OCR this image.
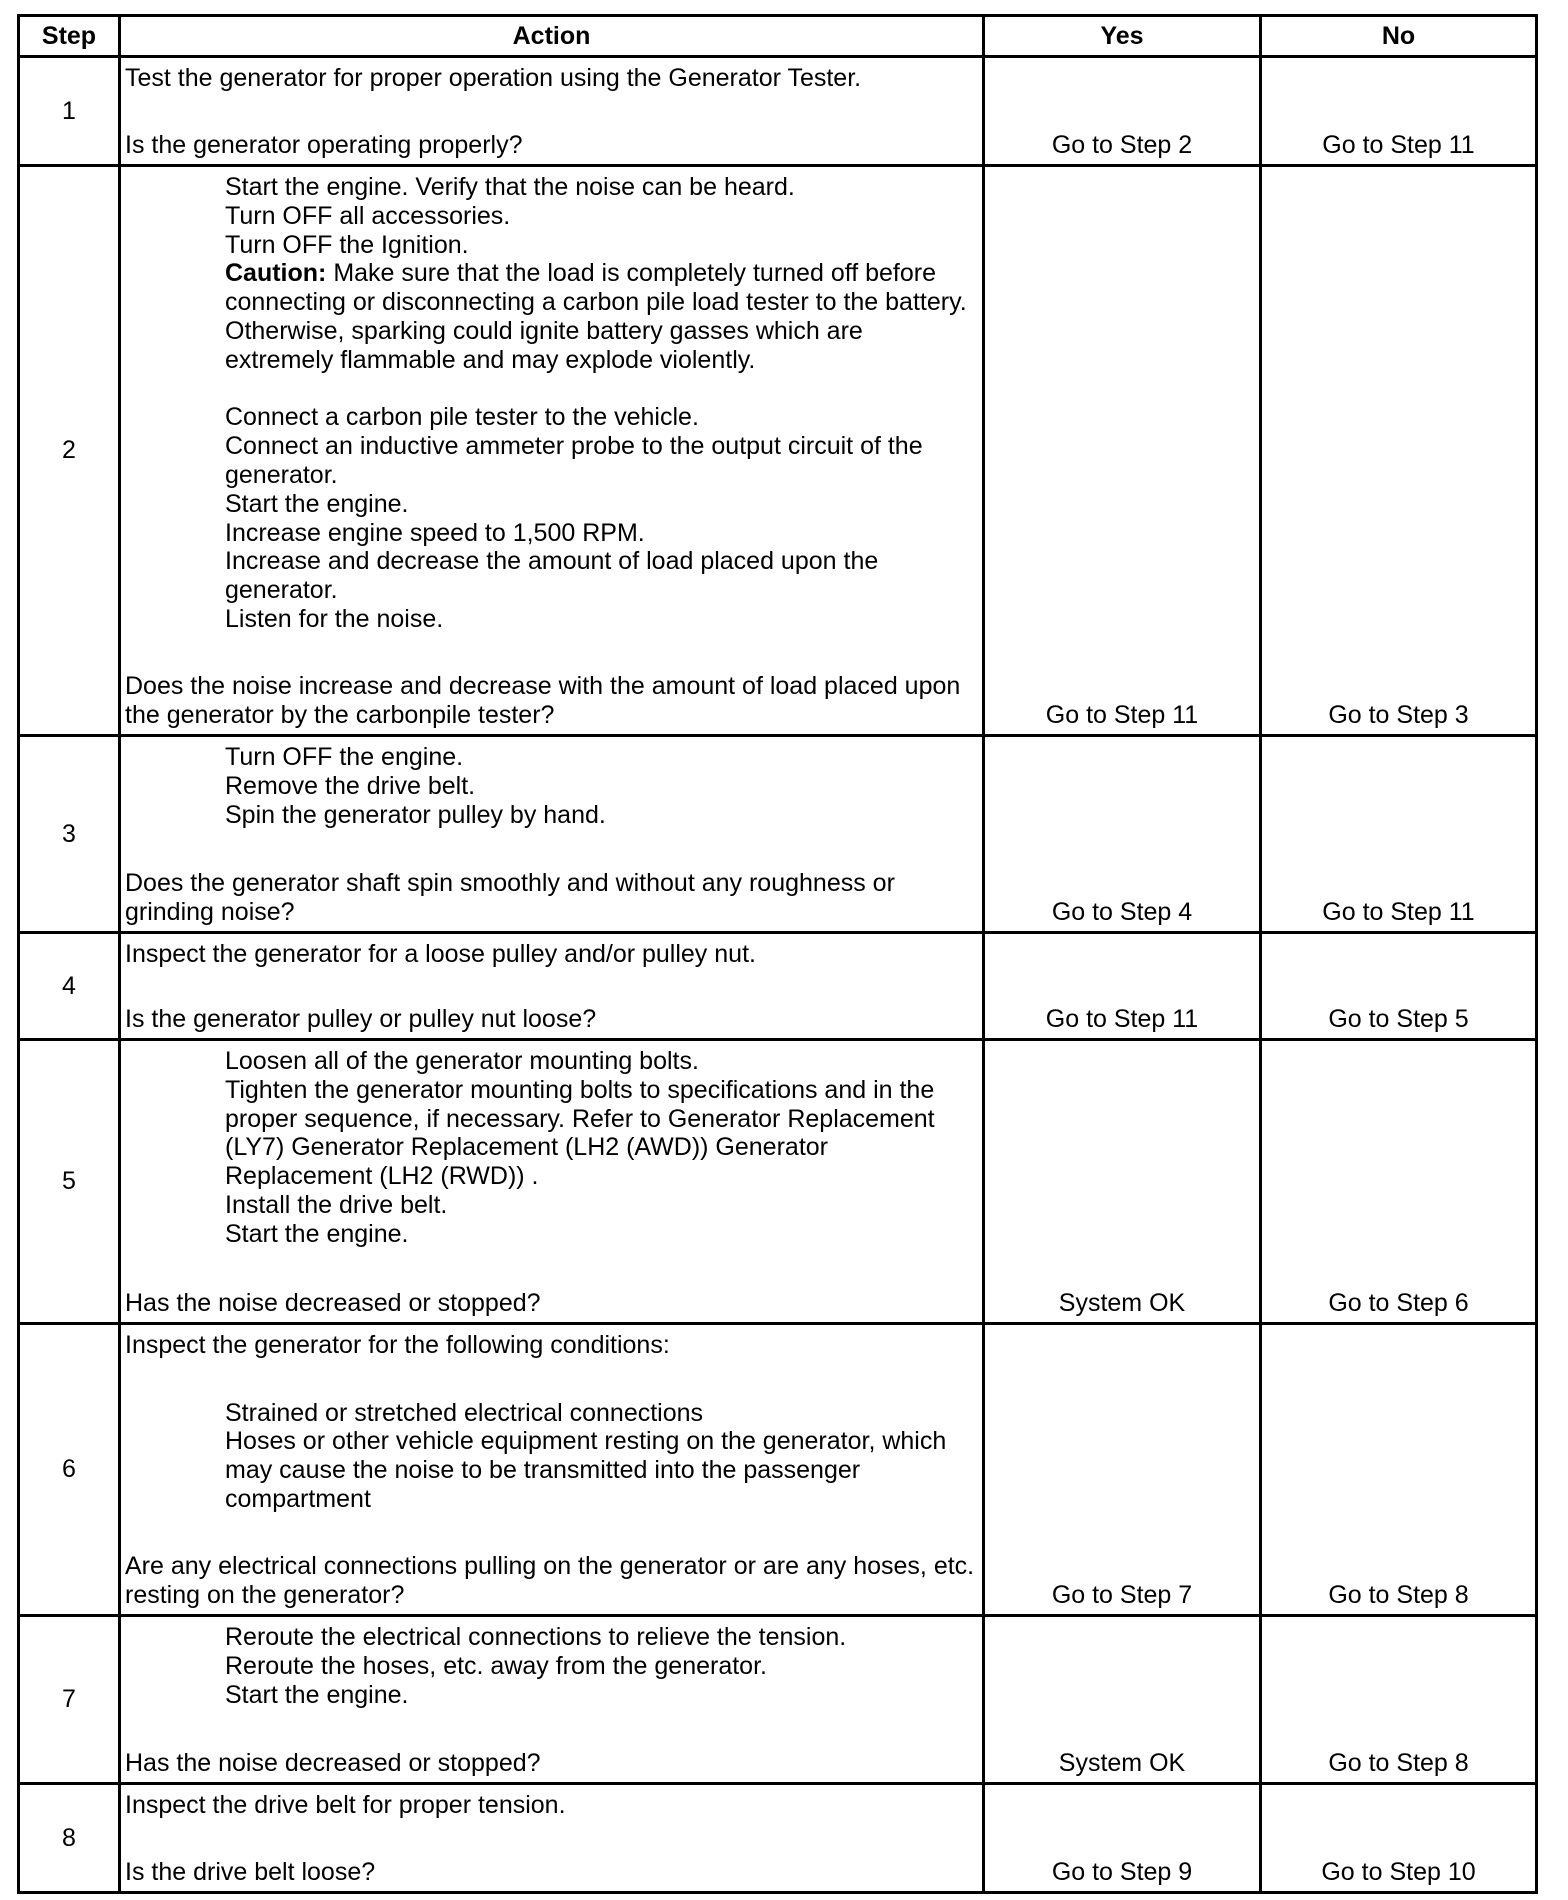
Step	Action	Yes	No
1
Test the generator for proper operation using the Generator Tester.
Is the generator operating properly?	Go to Step 2	Go to Step 11
2
Start the engine. Verify that the noise can be heard.
Turn OFF all accessories.
Turn OFF the Ignition.
Caution: Make sure that the load is completely turned off before
connecting or disconnecting a carbon pile load tester to the battery.
Otherwise, sparking could ignite battery gasses which are
extremely flammable and may explode violently.
Connect a carbon pile tester to the vehicle.
Connect an inductive ammeter probe to the output circuit of the
generator.
Start the engine.
Increase engine speed to 1,500 RPM.
Increase and decrease the amount of load placed upon the
generator.
Listen for the noise.
Does the noise increase and decrease with the amount of load placed upon
the generator by the carbonpile tester?	Go to Step 11	Go to Step 3
3
Turn OFF the engine.
Remove the drive belt.
Spin the generator pulley by hand.
Does the generator shaft spin smoothly and without any roughness or
grinding noise?	Go to Step 4	Go to Step 11
4
Inspect the generator for a loose pulley and/or pulley nut.
Is the generator pulley or pulley nut loose?	Go to Step 11	Go to Step 5
5
Loosen all of the generator mounting bolts.
Tighten the generator mounting bolts to specifications and in the
proper sequence, if necessary. Refer to Generator Replacement
(LY7) Generator Replacement (LH2 (AWD)) Generator
Replacement (LH2 (RWD)) .
Install the drive belt.
Start the engine.
Has the noise decreased or stopped?	System OK	Go to Step 6
6
Inspect the generator for the following conditions:
Strained or stretched electrical connections
Hoses or other vehicle equipment resting on the generator, which
may cause the noise to be transmitted into the passenger
compartment
Are any electrical connections pulling on the generator or are any hoses, etc.
resting on the generator?	Go to Step 7	Go to Step 8
7
Reroute the electrical connections to relieve the tension.
Reroute the hoses, etc. away from the generator.
Start the engine.
Has the noise decreased or stopped?	System OK	Go to Step 8
8
Inspect the drive belt for proper tension.
Is the drive belt loose?	Go to Step 9	Go to Step 10
